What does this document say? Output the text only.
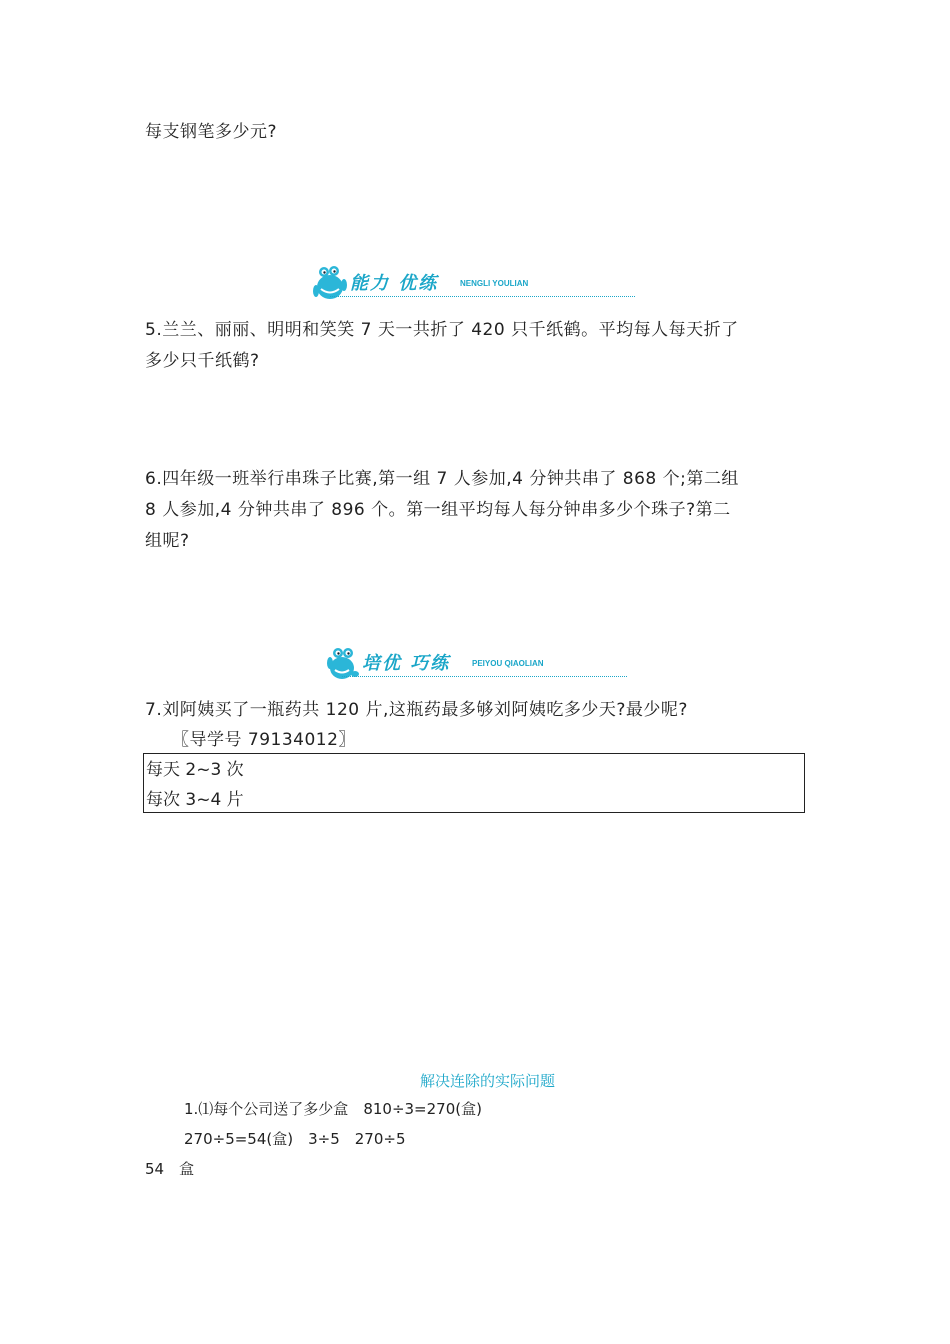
每支钢笔多少元?
能力 优练	NENGLI YOULIAN
5.兰兰、丽丽、明明和笑笑 7 天一共折了 420 只千纸鹤。平均每人每天折了
多少只千纸鹤?
6.四年级一班举行串珠子比赛,第一组 7 人参加,4 分钟共串了 868 个;第二组
8 人参加,4 分钟共串了 896 个。第一组平均每人每分钟串多少个珠子?第二
组呢?
培优 巧练	PEIYOU QIAOLIAN
7.刘阿姨买了一瓶药共 120 片,这瓶药最多够刘阿姨吃多少天?最少呢?
〖导学号 79134012〗
每天 2~3 次
每次 3~4 片
解决连除的实际问题
1.⑴每个公司送了多少盒　810÷3=270(盒)
270÷5=54(盒)　3÷5　270÷5
54　盒
